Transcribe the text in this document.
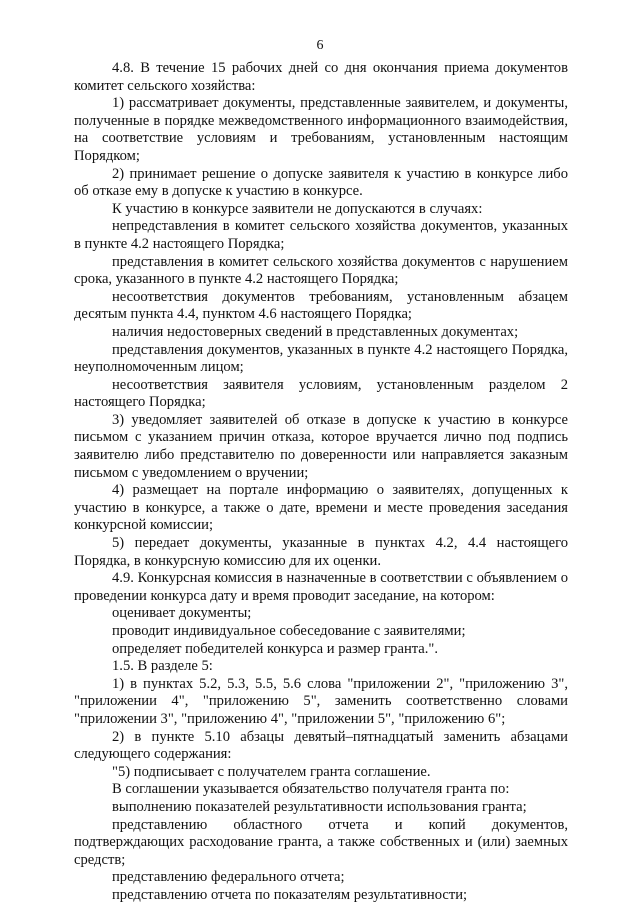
6

4.8. В течение 15 рабочих дней со дня окончания приема документов комитет сельского хозяйства:

1) рассматривает документы, представленные заявителем, и документы, полученные в порядке межведомственного информационного взаимодействия, на соответствие условиям и требованиям, установленным настоящим Порядком;

2) принимает решение о допуске заявителя к участию в конкурсе либо об отказе ему в допуске к участию в конкурсе.

К участию в конкурсе заявители не допускаются в случаях:

непредставления в комитет сельского хозяйства документов, указанных в пункте 4.2 настоящего Порядка;

представления в комитет сельского хозяйства документов с нарушением срока, указанного в пункте 4.2 настоящего Порядка;

несоответствия документов требованиям, установленным абзацем десятым пункта 4.4, пунктом 4.6 настоящего Порядка;

наличия недостоверных сведений в представленных документах;

представления документов, указанных в пункте 4.2 настоящего Порядка, неуполномоченным лицом;

несоответствия заявителя условиям, установленным разделом 2 настоящего Порядка;

3) уведомляет заявителей об отказе в допуске к участию в конкурсе письмом с указанием причин отказа, которое вручается лично под подпись заявителю либо представителю по доверенности или направляется заказным письмом с уведомлением о вручении;

4) размещает на портале информацию о заявителях, допущенных к участию в конкурсе, а также о дате, времени и месте проведения заседания конкурсной комиссии;

5) передает документы, указанные в пунктах 4.2, 4.4 настоящего Порядка, в конкурсную комиссию для их оценки.

4.9. Конкурсная комиссия в назначенные в соответствии с объявлением о проведении конкурса дату и время проводит заседание, на котором:

оценивает документы;

проводит индивидуальное собеседование с заявителями;

определяет победителей конкурса и размер гранта.".

1.5. В разделе 5:

1) в пунктах 5.2, 5.3, 5.5, 5.6 слова "приложении 2", "приложению 3", "приложении 4", "приложению 5", заменить соответственно словами "приложении 3", "приложению 4", "приложении 5", "приложению 6";

2) в пункте 5.10 абзацы девятый–пятнадцатый заменить абзацами следующего содержания:

"5) подписывает с получателем гранта соглашение.

В соглашении указывается обязательство получателя гранта по:

выполнению показателей результативности использования гранта;

представлению областного отчета и копий документов, подтверждающих расходование гранта, а также собственных и (или) заемных средств;

представлению федерального отчета;

представлению отчета по показателям результативности;
